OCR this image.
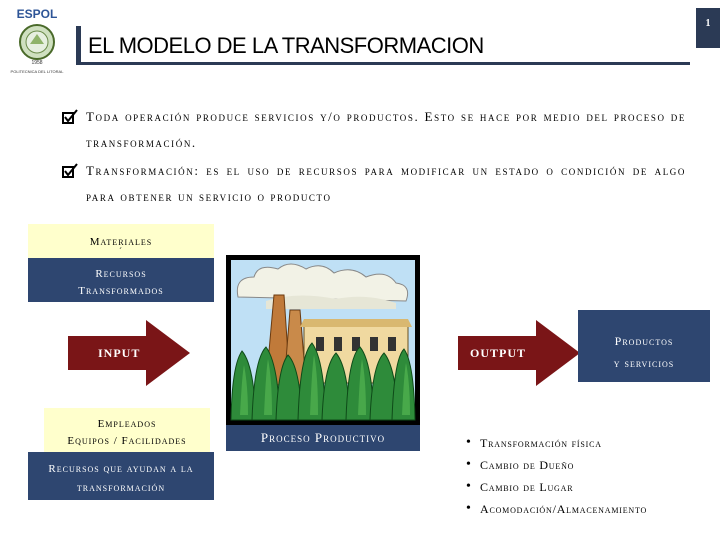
ESPOL
1958
POLITECNICA DEL LITORAL
EL MODELO DE LA TRANSFORMACION
1
Toda operación produce servicios y/o productos. Esto se hace por medio del proceso de transformación.
Transformación: es el uso de recursos para modificar un estado o condición de algo para obtener un servicio o producto
Materiales
´
Recursos
Transformados
INPUT
Empleados
Equipos / Facilidades
Recursos que ayudan a la
transformación
Proceso Productivo
OUTPUT
Productos
y servicios
• Transformación física
• Cambio de Dueño
• Cambio de Lugar
• Acomodación/Almacenamiento
